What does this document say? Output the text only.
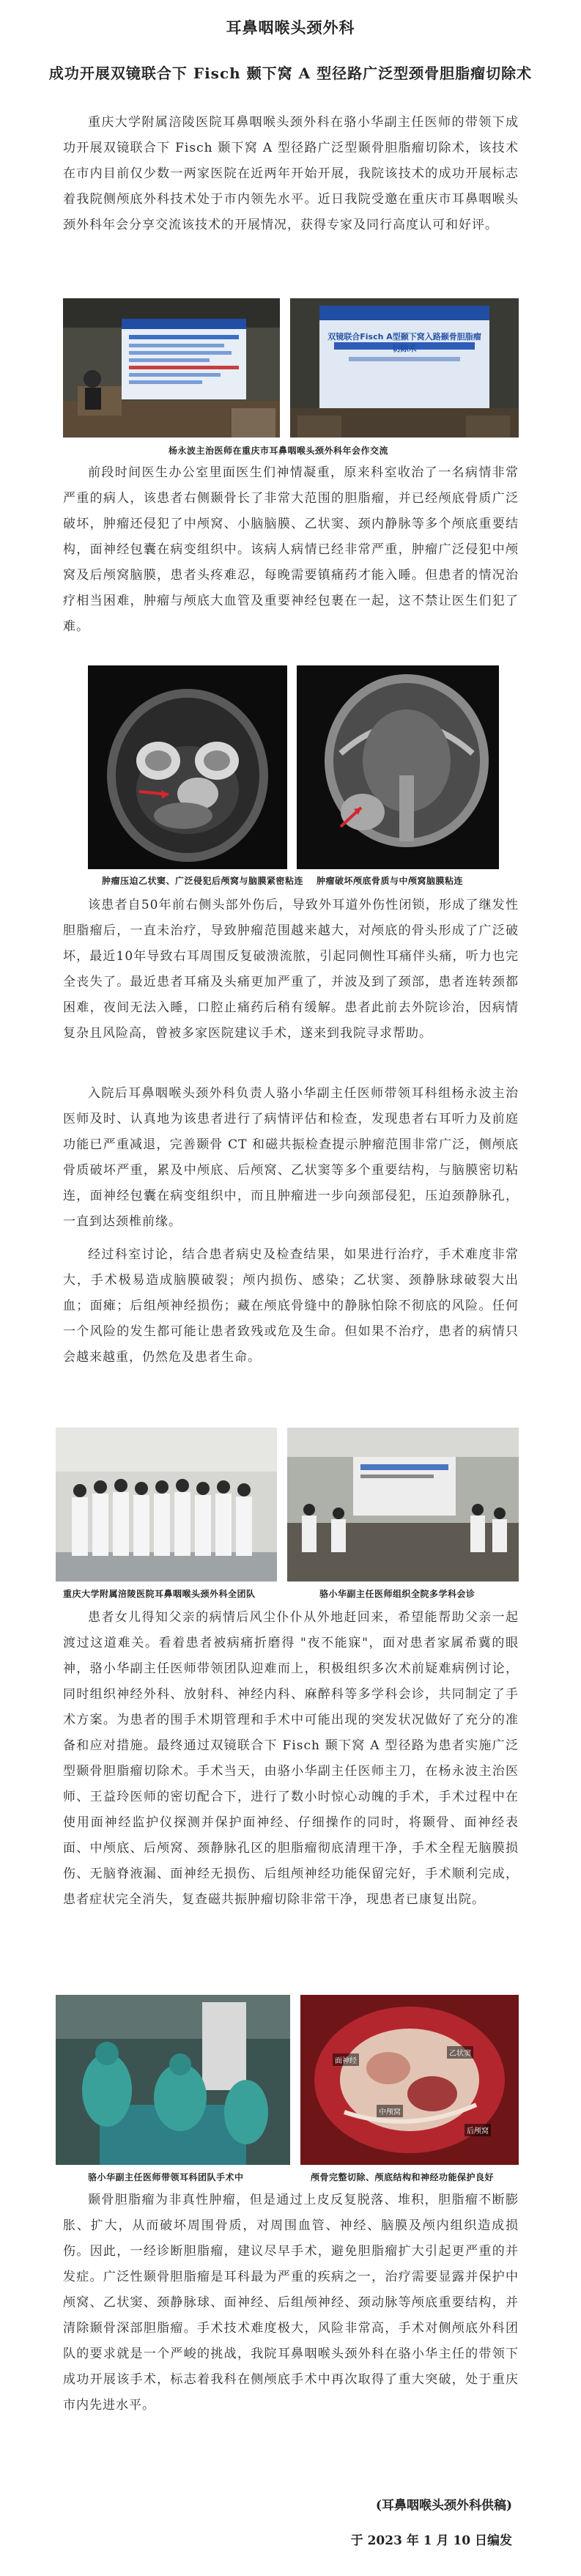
耳鼻咽喉头颈外科
成功开展双镜联合下 Fisch 颞下窝 A 型径路广泛型颈骨胆脂瘤切除术

重庆大学附属涪陵医院耳鼻咽喉头颈外科在骆小华副主任医师的带领下成功开展双镜联合下 Fisch 颞下窝 A 型径路广泛型颞骨胆脂瘤切除术，该技术在市内目前仅少数一两家医院在近两年开始开展，我院该技术的成功开展标志着我院侧颅底外科技术处于市内领先水平。近日我院受邀在重庆市耳鼻咽喉头颈外科年会分享交流该技术的开展情况，获得专家及同行高度认可和好评。

双镜联合Fisch A型颞下窝入路颞骨胆脂瘤切除术
杨永波主治医师在重庆市耳鼻咽喉头颈外科年会作交流

前段时间医生办公室里面医生们神情凝重，原来科室收治了一名病情非常严重的病人，该患者右侧颞骨长了非常大范围的胆脂瘤，并已经颅底骨质广泛破坏，肿瘤还侵犯了中颅窝、小脑脑膜、乙状窦、颈内静脉等多个颅底重要结构，面神经包囊在病变组织中。该病人病情已经非常严重，肿瘤广泛侵犯中颅窝及后颅窝脑膜，患者头疼难忍，每晚需要镇痛药才能入睡。但患者的情况治疗相当困难，肿瘤与颅底大血管及重要神经包裹在一起，这不禁让医生们犯了难。

肿瘤压迫乙状窦、广泛侵犯后颅窝与脑膜紧密粘连 肿瘤破坏颅底骨质与中颅窝脑膜粘连

该患者自50年前右侧头部外伤后，导致外耳道外伤性闭锁，形成了继发性胆脂瘤后，一直未治疗，导致肿瘤范围越来越大，对颅底的骨头形成了广泛破坏，最近10年导致右耳周围反复破溃流脓，引起同侧性耳痛伴头痛，听力也完全丧失了。最近患者耳痛及头痛更加严重了，并波及到了颈部，患者连转颈都困难，夜间无法入睡，口腔止痛药后稍有缓解。患者此前去外院诊治，因病情复杂且风险高，曾被多家医院建议手术，遂来到我院寻求帮助。

入院后耳鼻咽喉头颈外科负责人骆小华副主任医师带领耳科组杨永波主治医师及时、认真地为该患者进行了病情评估和检查，发现患者右耳听力及前庭功能已严重减退，完善颞骨 CT 和磁共振检查提示肿瘤范围非常广泛，侧颅底骨质破坏严重，累及中颅底、后颅窝、乙状窦等多个重要结构，与脑膜密切粘连，面神经包囊在病变组织中，而且肿瘤进一步向颈部侵犯，压迫颈静脉孔，一直到达颈椎前缘。

经过科室讨论，结合患者病史及检查结果，如果进行治疗，手术难度非常大，手术极易造成脑膜破裂；颅内损伤、感染；乙状窦、颈静脉球破裂大出血；面瘫；后组颅神经损伤；藏在颅底骨缝中的静脉怕除不彻底的风险。任何一个风险的发生都可能让患者致残或危及生命。但如果不治疗，患者的病情只会越来越重，仍然危及患者生命。

重庆大学附属涪陵医院耳鼻咽喉头颈外科全团队	骆小华副主任医师组织全院多学科会诊

患者女儿得知父亲的病情后风尘仆仆从外地赶回来，希望能帮助父亲一起渡过这道难关。看着患者被病痛折磨得 "夜不能寐"，面对患者家属希冀的眼神，骆小华副主任医师带领团队迎难而上，积极组织多次术前疑难病例讨论，同时组织神经外科、放射科、神经内科、麻醉科等多学科会诊，共同制定了手术方案。为患者的围手术期管理和手术中可能出现的突发状况做好了充分的准备和应对措施。最终通过双镜联合下 Fisch 颞下窝 A 型径路为患者实施广泛型颞骨胆脂瘤切除术。手术当天，由骆小华副主任医师主刀，在杨永波主治医师、王益玲医师的密切配合下，进行了数小时惊心动魄的手术，手术过程中在使用面神经监护仪探测并保护面神经、仔细操作的同时，将颞骨、面神经表面、中颅底、后颅窝、颈静脉孔区的胆脂瘤彻底清理干净，手术全程无脑膜损伤、无脑脊液漏、面神经无损伤、后组颅神经功能保留完好，手术顺利完成，患者症状完全消失，复查磁共振肿瘤切除非常干净，现患者已康复出院。

面神经
乙状窦
中颅窝
后颅窝
骆小华副主任医师带领耳科团队手术中	颅骨完整切除、颅底结构和神经功能保护良好

颞骨胆脂瘤为非真性肿瘤，但是通过上皮反复脱落、堆积，胆脂瘤不断膨胀、扩大，从而破坏周围骨质，对周围血管、神经、脑膜及颅内组织造成损伤。因此，一经诊断胆脂瘤，建议尽早手术，避免胆脂瘤扩大引起更严重的并发症。广泛性颞骨胆脂瘤是耳科最为严重的疾病之一，治疗需要显露并保护中颅窝、乙状窦、颈静脉球、面神经、后组颅神经、颈动脉等颅底重要结构，并清除颞骨深部胆脂瘤。手术技术难度极大，风险非常高，手术对侧颅底外科团队的要求就是一个严峻的挑战，我院耳鼻咽喉头颈外科在骆小华主任的带领下成功开展该手术，标志着我科在侧颅底手术中再次取得了重大突破，处于重庆市内先进水平。

(耳鼻咽喉头颈外科供稿)
于 2023 年 1 月 10 日编发
